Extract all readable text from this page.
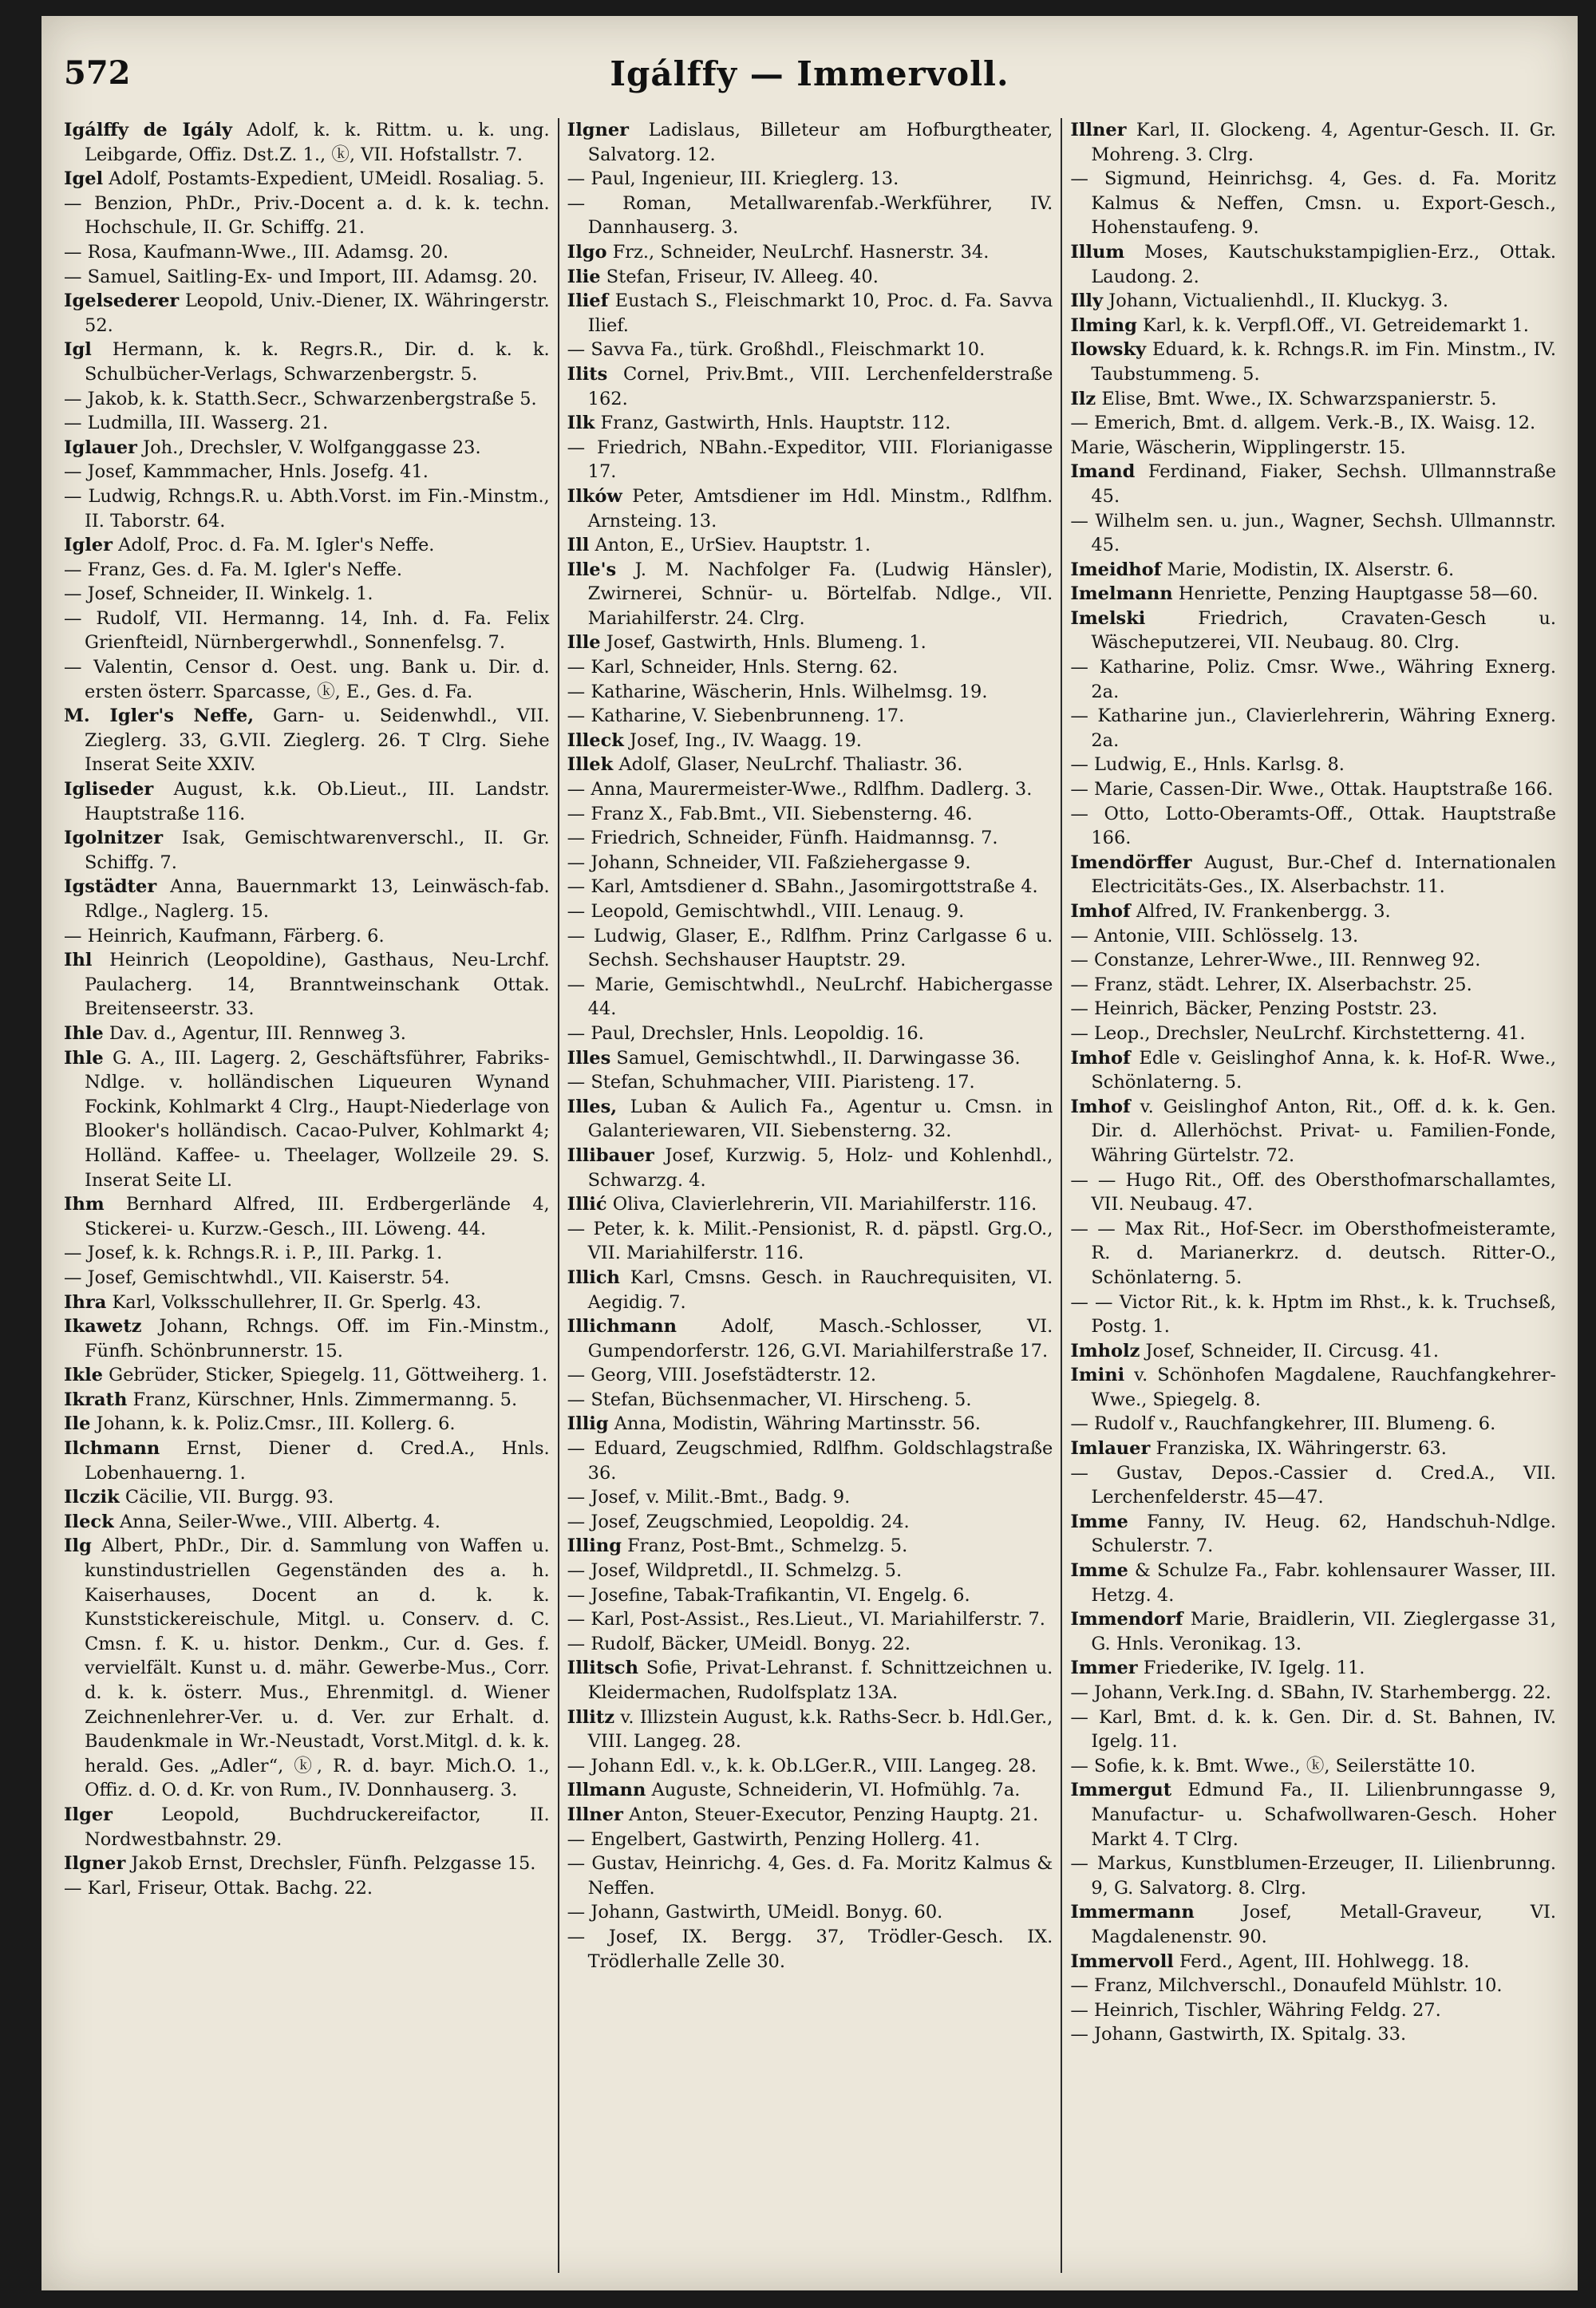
572	Igálffy — Immervoll.

Igálffy de Igály Adolf, k. k. Rittm. u. k. ung. Leibgarde, Offiz. Dst.Z. 1., ⓚ, VII. Hofstallstr. 7.

Igel Adolf, Postamts-Expedient, UMeidl. Rosaliag. 5.

— Benzion, PhDr., Priv.-Docent a. d. k. k. techn. Hochschule, II. Gr. Schiffg. 21.

— Rosa, Kaufmann-Wwe., III. Adamsg. 20.

— Samuel, Saitling-Ex- und Import, III. Adamsg. 20.

Igelsederer Leopold, Univ.-Diener, IX. Währingerstr. 52.

Igl Hermann, k. k. Regrs.R., Dir. d. k. k. Schulbücher-Verlags, Schwarzenbergstr. 5.

— Jakob, k. k. Statth.Secr., Schwarzenbergstraße 5.

— Ludmilla, III. Wasserg. 21.

Iglauer Joh., Drechsler, V. Wolfganggasse 23.

— Josef, Kammmacher, Hnls. Josefg. 41.

— Ludwig, Rchngs.R. u. Abth.Vorst. im Fin.-Minstm., II. Taborstr. 64.

Igler Adolf, Proc. d. Fa. M. Igler's Neffe.

— Franz, Ges. d. Fa. M. Igler's Neffe.

— Josef, Schneider, II. Winkelg. 1.

— Rudolf, VII. Hermanng. 14, Inh. d. Fa. Felix Grienfteidl, Nürnbergerwhdl., Sonnenfelsg. 7.

— Valentin, Censor d. Oest. ung. Bank u. Dir. d. ersten österr. Sparcasse, ⓚ, E., Ges. d. Fa.

M. Igler's Neffe, Garn- u. Seidenwhdl., VII. Zieglerg. 33, G.VII. Zieglerg. 26. T Clrg. Siehe Inserat Seite XXIV.

Igliseder August, k.k. Ob.Lieut., III. Landstr. Hauptstraße 116.

Igolnitzer Isak, Gemischtwarenverschl., II. Gr. Schiffg. 7.

Igstädter Anna, Bauernmarkt 13, Leinwäsch-fab. Rdlge., Naglerg. 15.

— Heinrich, Kaufmann, Färberg. 6.

Ihl Heinrich (Leopoldine), Gasthaus, Neu-Lrchf. Paulacherg. 14, Branntweinschank Ottak. Breitenseerstr. 33.

Ihle Dav. d., Agentur, III. Rennweg 3.

Ihle G. A., III. Lagerg. 2, Geschäftsführer, Fabriks-Ndlge. v. holländischen Liqueuren Wynand Fockink, Kohlmarkt 4 Clrg., Haupt-Niederlage von Blooker's holländisch. Cacao-Pulver, Kohlmarkt 4; Holländ. Kaffee- u. Theelager, Wollzeile 29. S. Inserat Seite LI.

Ihm Bernhard Alfred, III. Erdbergerlände 4, Stickerei- u. Kurzw.-Gesch., III. Löweng. 44.

— Josef, k. k. Rchngs.R. i. P., III. Parkg. 1.

— Josef, Gemischtwhdl., VII. Kaiserstr. 54.

Ihra Karl, Volksschullehrer, II. Gr. Sperlg. 43.

Ikawetz Johann, Rchngs. Off. im Fin.-Minstm., Fünfh. Schönbrunnerstr. 15.

Ikle Gebrüder, Sticker, Spiegelg. 11, Göttweiherg. 1.

Ikrath Franz, Kürschner, Hnls. Zimmermanng. 5.

Ile Johann, k. k. Poliz.Cmsr., III. Kollerg. 6.

Ilchmann Ernst, Diener d. Cred.A., Hnls. Lobenhauerng. 1.

Ilczik Cäcilie, VII. Burgg. 93.

Ileck Anna, Seiler-Wwe., VIII. Albertg. 4.

Ilg Albert, PhDr., Dir. d. Sammlung von Waffen u. kunstindustriellen Gegenständen des a. h. Kaiserhauses, Docent an d. k. k. Kunststickereischule, Mitgl. u. Conserv. d. C. Cmsn. f. K. u. histor. Denkm., Cur. d. Ges. f. vervielfält. Kunst u. d. mähr. Gewerbe-Mus., Corr. d. k. k. österr. Mus., Ehrenmitgl. d. Wiener Zeichnenlehrer-Ver. u. d. Ver. zur Erhalt. d. Baudenkmale in Wr.-Neustadt, Vorst.Mitgl. d. k. k. herald. Ges. „Adler“, ⓚ, R. d. bayr. Mich.O. 1., Offiz. d. O. d. Kr. von Rum., IV. Donnhauserg. 3.

Ilger Leopold, Buchdruckereifactor, II. Nordwestbahnstr. 29.

Ilgner Jakob Ernst, Drechsler, Fünfh. Pelzgasse 15.

— Karl, Friseur, Ottak. Bachg. 22.

Ilgner Ladislaus, Billeteur am Hofburgtheater, Salvatorg. 12.

— Paul, Ingenieur, III. Krieglerg. 13.

— Roman, Metallwarenfab.-Werkführer, IV. Dannhauserg. 3.

Ilgo Frz., Schneider, NeuLrchf. Hasnerstr. 34.

Ilie Stefan, Friseur, IV. Alleeg. 40.

Ilief Eustach S., Fleischmarkt 10, Proc. d. Fa. Savva Ilief.

— Savva Fa., türk. Großhdl., Fleischmarkt 10.

Ilits Cornel, Priv.Bmt., VIII. Lerchenfelderstraße 162.

Ilk Franz, Gastwirth, Hnls. Hauptstr. 112.

— Friedrich, NBahn.-Expeditor, VIII. Florianigasse 17.

Ilków Peter, Amtsdiener im Hdl. Minstm., Rdlfhm. Arnsteing. 13.

Ill Anton, E., UrSiev. Hauptstr. 1.

Ille's J. M. Nachfolger Fa. (Ludwig Hänsler), Zwirnerei, Schnür- u. Börtelfab. Ndlge., VII. Mariahilferstr. 24. Clrg.

Ille Josef, Gastwirth, Hnls. Blumeng. 1.

— Karl, Schneider, Hnls. Sterng. 62.

— Katharine, Wäscherin, Hnls. Wilhelmsg. 19.

— Katharine, V. Siebenbrunneng. 17.

Illeck Josef, Ing., IV. Waagg. 19.

Illek Adolf, Glaser, NeuLrchf. Thaliastr. 36.

— Anna, Maurermeister-Wwe., Rdlfhm. Dadlerg. 3.

— Franz X., Fab.Bmt., VII. Siebensterng. 46.

— Friedrich, Schneider, Fünfh. Haidmannsg. 7.

— Johann, Schneider, VII. Faßziehergasse 9.

— Karl, Amtsdiener d. SBahn., Jasomirgottstraße 4.

— Leopold, Gemischtwhdl., VIII. Lenaug. 9.

— Ludwig, Glaser, E., Rdlfhm. Prinz Carlgasse 6 u. Sechsh. Sechshauser Hauptstr. 29.

— Marie, Gemischtwhdl., NeuLrchf. Habichergasse 44.

— Paul, Drechsler, Hnls. Leopoldig. 16.

Illes Samuel, Gemischtwhdl., II. Darwingasse 36.

— Stefan, Schuhmacher, VIII. Piaristeng. 17.

Illes, Luban & Aulich Fa., Agentur u. Cmsn. in Galanteriewaren, VII. Siebensterng. 32.

Illibauer Josef, Kurzwig. 5, Holz- und Kohlenhdl., Schwarzg. 4.

Illić Oliva, Clavierlehrerin, VII. Mariahilferstr. 116.

— Peter, k. k. Milit.-Pensionist, R. d. päpstl. Grg.O., VII. Mariahilferstr. 116.

Illich Karl, Cmsns. Gesch. in Rauchrequisiten, VI. Aegidig. 7.

Illichmann Adolf, Masch.-Schlosser, VI. Gumpendorferstr. 126, G.VI. Mariahilferstraße 17.

— Georg, VIII. Josefstädterstr. 12.

— Stefan, Büchsenmacher, VI. Hirscheng. 5.

Illig Anna, Modistin, Währing Martinsstr. 56.

— Eduard, Zeugschmied, Rdlfhm. Goldschlagstraße 36.

— Josef, v. Milit.-Bmt., Badg. 9.

— Josef, Zeugschmied, Leopoldig. 24.

Illing Franz, Post-Bmt., Schmelzg. 5.

— Josef, Wildpretdl., II. Schmelzg. 5.

— Josefine, Tabak-Trafikantin, VI. Engelg. 6.

— Karl, Post-Assist., Res.Lieut., VI. Mariahilferstr. 7.

— Rudolf, Bäcker, UMeidl. Bonyg. 22.

Illitsch Sofie, Privat-Lehranst. f. Schnittzeichnen u. Kleidermachen, Rudolfsplatz 13A.

Illitz v. Illizstein August, k.k. Raths-Secr. b. Hdl.Ger., VIII. Langeg. 28.

— Johann Edl. v., k. k. Ob.LGer.R., VIII. Langeg. 28.

Illmann Auguste, Schneiderin, VI. Hofmühlg. 7a.

Illner Anton, Steuer-Executor, Penzing Hauptg. 21.

— Engelbert, Gastwirth, Penzing Hollerg. 41.

— Gustav, Heinrichg. 4, Ges. d. Fa. Moritz Kalmus & Neffen.

— Johann, Gastwirth, UMeidl. Bonyg. 60.

— Josef, IX. Bergg. 37, Trödler-Gesch. IX. Trödlerhalle Zelle 30.

Illner Karl, II. Glockeng. 4, Agentur-Gesch. II. Gr. Mohreng. 3. Clrg.

— Sigmund, Heinrichsg. 4, Ges. d. Fa. Moritz Kalmus & Neffen, Cmsn. u. Export-Gesch., Hohenstaufeng. 9.

Illum Moses, Kautschukstampiglien-Erz., Ottak. Laudong. 2.

Illy Johann, Victualienhdl., II. Kluckyg. 3.

Ilming Karl, k. k. Verpfl.Off., VI. Getreidemarkt 1.

Ilowsky Eduard, k. k. Rchngs.R. im Fin. Minstm., IV. Taubstummeng. 5.

Ilz Elise, Bmt. Wwe., IX. Schwarzspanierstr. 5.

— Emerich, Bmt. d. allgem. Verk.-B., IX. Waisg. 12.

Marie, Wäscherin, Wipplingerstr. 15.

Imand Ferdinand, Fiaker, Sechsh. Ullmannstraße 45.

— Wilhelm sen. u. jun., Wagner, Sechsh. Ullmannstr. 45.

Imeidhof Marie, Modistin, IX. Alserstr. 6.

Imelmann Henriette, Penzing Hauptgasse 58—60.

Imelski Friedrich, Cravaten-Gesch u. Wäscheputzerei, VII. Neubaug. 80. Clrg.

— Katharine, Poliz. Cmsr. Wwe., Währing Exnerg. 2a.

— Katharine jun., Clavierlehrerin, Währing Exnerg. 2a.

— Ludwig, E., Hnls. Karlsg. 8.

— Marie, Cassen-Dir. Wwe., Ottak. Hauptstraße 166.

— Otto, Lotto-Oberamts-Off., Ottak. Hauptstraße 166.

Imendörffer August, Bur.-Chef d. Internationalen Electricitäts-Ges., IX. Alserbachstr. 11.

Imhof Alfred, IV. Frankenbergg. 3.

— Antonie, VIII. Schlösselg. 13.

— Constanze, Lehrer-Wwe., III. Rennweg 92.

— Franz, städt. Lehrer, IX. Alserbachstr. 25.

— Heinrich, Bäcker, Penzing Poststr. 23.

— Leop., Drechsler, NeuLrchf. Kirchstetterng. 41.

Imhof Edle v. Geislinghof Anna, k. k. Hof-R. Wwe., Schönlaterng. 5.

Imhof v. Geislinghof Anton, Rit., Off. d. k. k. Gen. Dir. d. Allerhöchst. Privat- u. Familien-Fonde, Währing Gürtelstr. 72.

— — Hugo Rit., Off. des Obersthofmarschallamtes, VII. Neubaug. 47.

— — Max Rit., Hof-Secr. im Obersthofmeisteramte, R. d. Marianerkrz. d. deutsch. Ritter-O., Schönlaterng. 5.

— — Victor Rit., k. k. Hptm im Rhst., k. k. Truchseß, Postg. 1.

Imholz Josef, Schneider, II. Circusg. 41.

Imini v. Schönhofen Magdalene, Rauchfangkehrer-Wwe., Spiegelg. 8.

— Rudolf v., Rauchfangkehrer, III. Blumeng. 6.

Imlauer Franziska, IX. Währingerstr. 63.

— Gustav, Depos.-Cassier d. Cred.A., VII. Lerchenfelderstr. 45—47.

Imme Fanny, IV. Heug. 62, Handschuh-Ndlge. Schulerstr. 7.

Imme & Schulze Fa., Fabr. kohlensaurer Wasser, III. Hetzg. 4.

Immendorf Marie, Braidlerin, VII. Zieglergasse 31, G. Hnls. Veronikag. 13.

Immer Friederike, IV. Igelg. 11.

— Johann, Verk.Ing. d. SBahn, IV. Starhembergg. 22.

— Karl, Bmt. d. k. k. Gen. Dir. d. St. Bahnen, IV. Igelg. 11.

— Sofie, k. k. Bmt. Wwe., ⓚ, Seilerstätte 10.

Immergut Edmund Fa., II. Lilienbrunngasse 9, Manufactur- u. Schafwollwaren-Gesch. Hoher Markt 4. T Clrg.

— Markus, Kunstblumen-Erzeuger, II. Lilienbrunng. 9, G. Salvatorg. 8. Clrg.

Immermann Josef, Metall-Graveur, VI. Magdalenenstr. 90.

Immervoll Ferd., Agent, III. Hohlwegg. 18.

— Franz, Milchverschl., Donaufeld Mühlstr. 10.

— Heinrich, Tischler, Währing Feldg. 27.

— Johann, Gastwirth, IX. Spitalg. 33.
